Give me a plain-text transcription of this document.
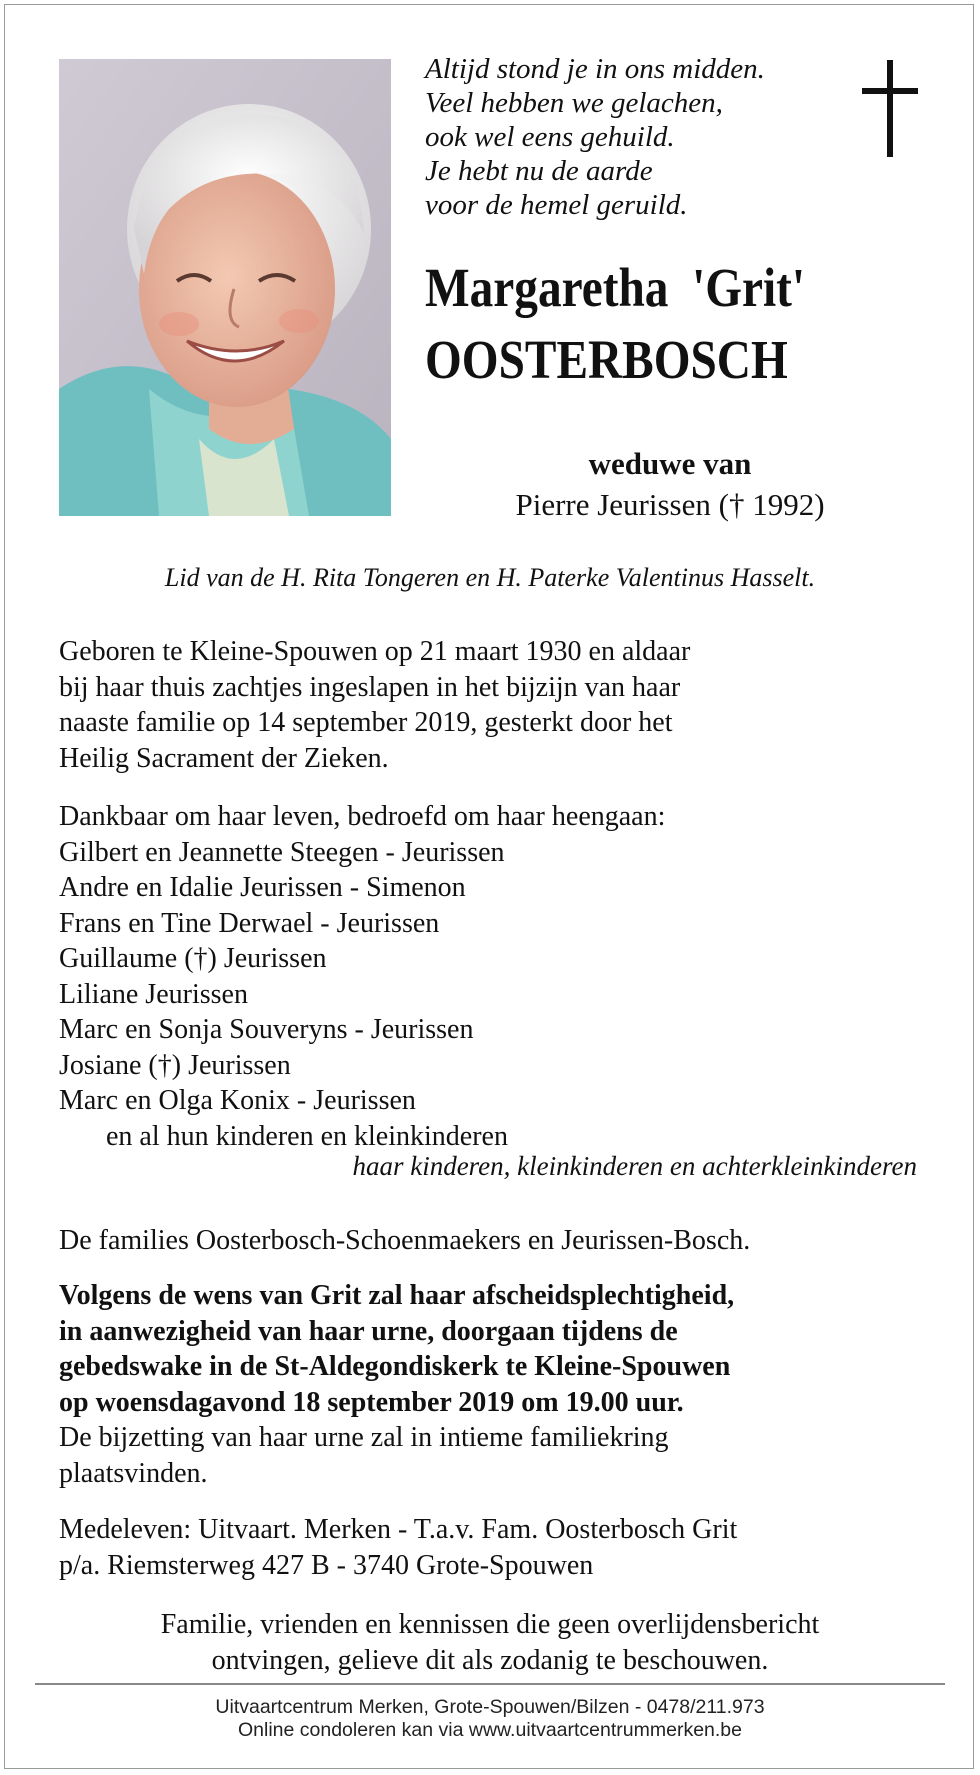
Altijd stond je in ons midden.
Veel hebben we gelachen,
ook wel eens gehuild.
Je hebt nu de aarde
voor de hemel geruild.
Margaretha  'Grit'
OOSTERBOSCH
weduwe van
Pierre Jeurissen († 1992)
Lid van de H. Rita Tongeren en H. Paterke Valentinus Hasselt.
Geboren te Kleine-Spouwen op 21 maart 1930 en aldaar
bij haar thuis zachtjes ingeslapen in het bijzijn van haar
naaste familie op 14 september 2019, gesterkt door het
Heilig Sacrament der Zieken.
Dankbaar om haar leven, bedroefd om haar heengaan:
Gilbert en Jeannette Steegen - Jeurissen
Andre en Idalie Jeurissen - Simenon
Frans en Tine Derwael - Jeurissen
Guillaume (†) Jeurissen
Liliane Jeurissen
Marc en Sonja Souveryns - Jeurissen
Josiane (†) Jeurissen
Marc en Olga Konix - Jeurissen
en al hun kinderen en kleinkinderen
haar kinderen, kleinkinderen en achterkleinkinderen
De families Oosterbosch-Schoenmaekers en Jeurissen-Bosch.
Volgens de wens van Grit zal haar afscheidsplechtigheid,
in aanwezigheid van haar urne, doorgaan tijdens de
gebedswake in de St-Aldegondiskerk te Kleine-Spouwen
op woensdagavond 18 september 2019 om 19.00 uur.
De bijzetting van haar urne zal in intieme familiekring
plaatsvinden.
Medeleven: Uitvaart. Merken - T.a.v. Fam. Oosterbosch Grit
p/a. Riemsterweg 427 B - 3740 Grote-Spouwen
Familie, vrienden en kennissen die geen overlijdensbericht
ontvingen, gelieve dit als zodanig te beschouwen.
Uitvaartcentrum Merken, Grote-Spouwen/Bilzen - 0478/211.973
Online condoleren kan via www.uitvaartcentrummerken.be
